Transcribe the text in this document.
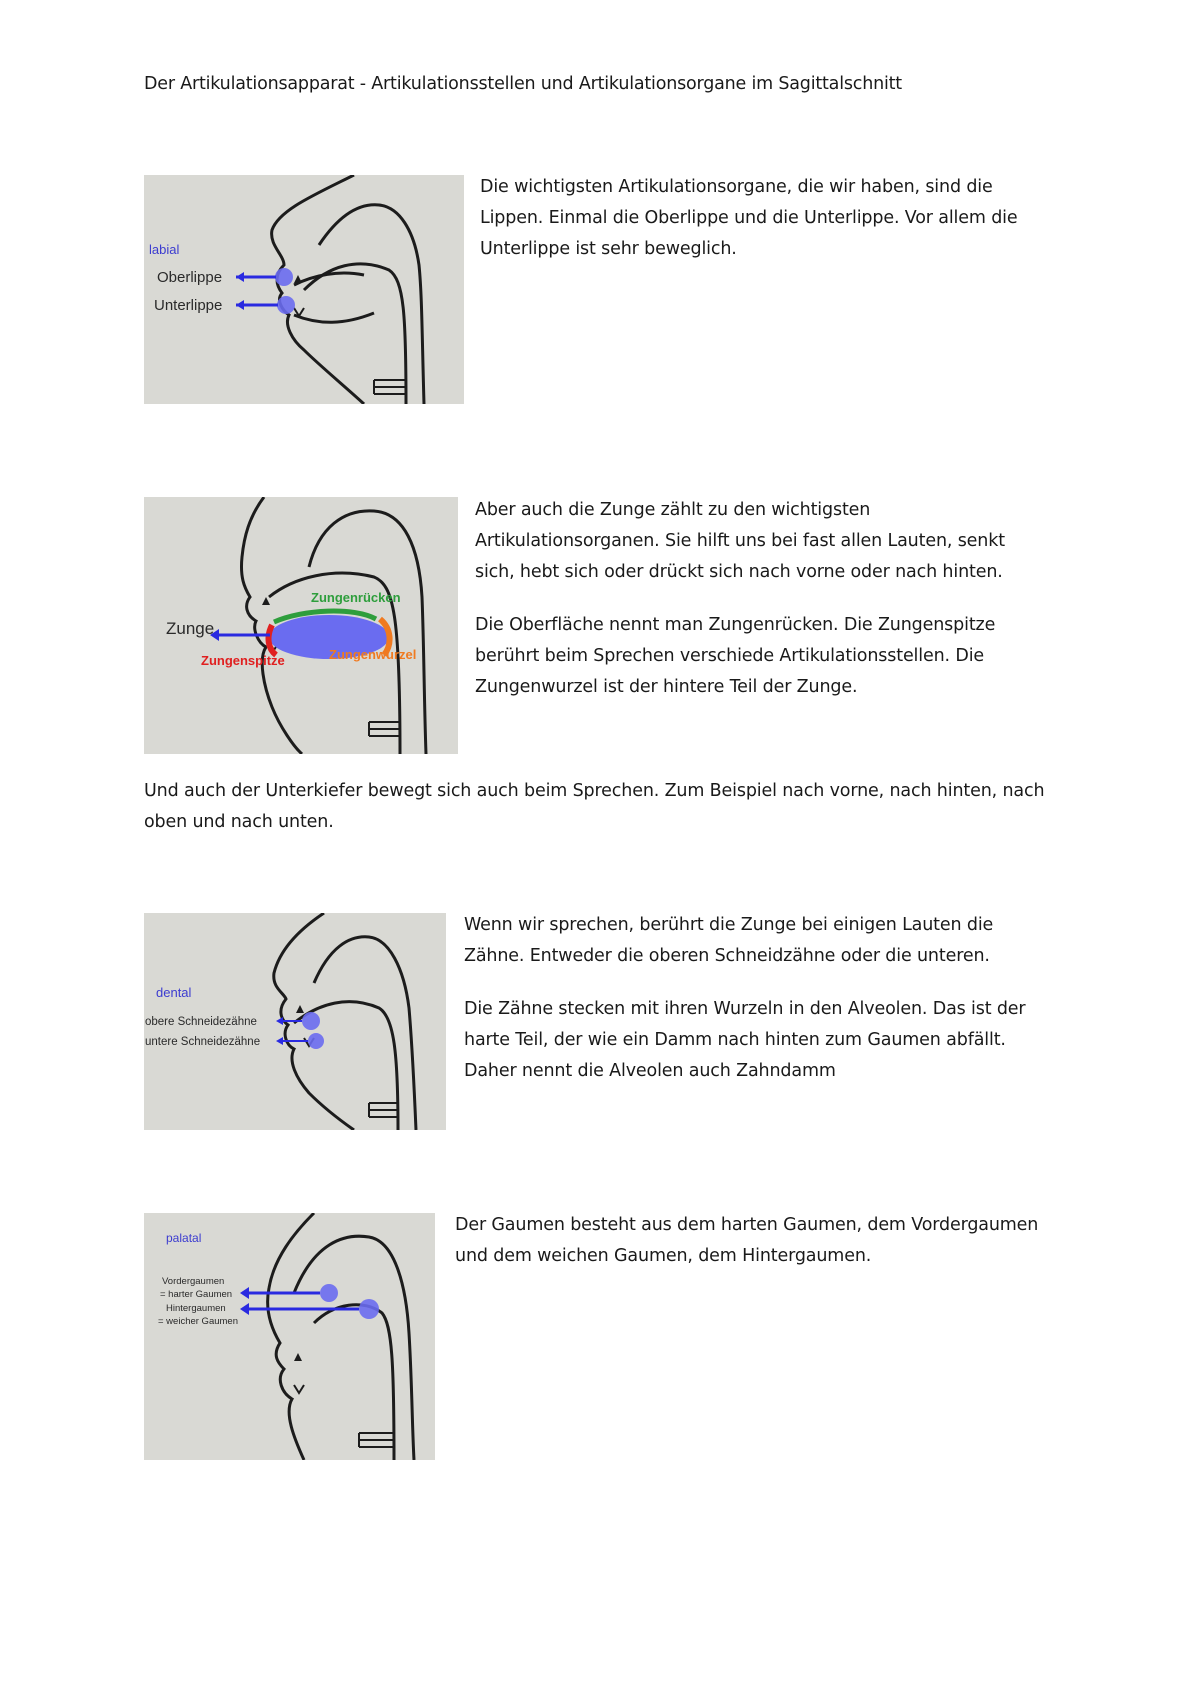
Der Artikulationsapparat - Artikulationsstellen und Artikulationsorgane im Sagittalschnitt
labial
Oberlippe
Unterlippe

Die wichtigsten Artikulationsorgane, die wir haben, sind die Lippen. Einmal die Oberlippe und die Unterlippe. Vor allem die Unterlippe ist sehr beweglich.

Zunge
Zungenrücken
Zungenspitze	Zungenwurzel

Aber auch die Zunge zählt zu den wichtigsten Artikulationsorganen. Sie hilft uns bei fast allen Lauten, senkt sich, hebt sich oder drückt sich nach vorne oder nach hinten.

Die Oberfläche nennt man Zungenrücken. Die Zungenspitze berührt beim Sprechen verschiede Artikulationsstellen. Die Zungenwurzel ist der hintere Teil der Zunge.

Und auch der Unterkiefer bewegt sich auch beim Sprechen. Zum Beispiel nach vorne, nach hinten, nach oben und nach unten.

dental
obere Schneidezähne
untere Schneidezähne

Wenn wir sprechen, berührt die Zunge bei einigen Lauten die Zähne. Entweder die oberen Schneidzähne oder die unteren.

Die Zähne stecken mit ihren Wurzeln in den Alveolen. Das ist der harte Teil, der wie ein Damm nach hinten zum Gaumen abfällt. Daher nennt die Alveolen auch Zahndamm

palatal
Vordergaumen
= harter Gaumen
Hintergaumen
= weicher Gaumen

Der Gaumen besteht aus dem harten Gaumen, dem Vordergaumen und dem weichen Gaumen, dem Hintergaumen.
